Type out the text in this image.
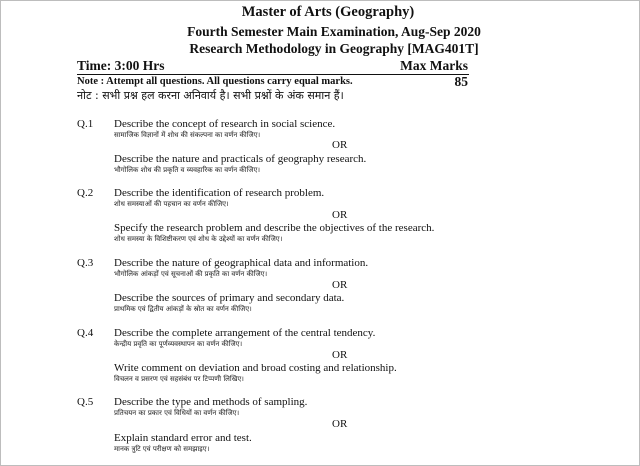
Master of Arts (Geography)
Fourth Semester Main Examination, Aug-Sep 2020
Research Methodology in Geography [MAG401T]
Time: 3:00 Hrs	Max Marks 85
Note : Attempt all questions. All questions carry equal marks.
नोट : सभी प्रश्न हल करना अनिवार्य है। सभी प्रश्नों के अंक समान हैं।
Q.1 Describe the concept of research in social science.
सामाजिक विज्ञानों में शोध की संकल्पना का वर्णन कीजिए।
OR
Describe the nature and practicals of geography research.
भौगोलिक शोध की प्रकृति व व्यवहारिक का वर्णन कीजिए।
Q.2 Describe the identification of research problem.
शोध समस्याओं की पहचान का वर्णन कीजिए।
OR
Specify the research problem and describe the objectives of the research.
शोध समस्या के विशिष्टीकरण एवं शोध के उद्देश्यों का वर्णन कीजिए।
Q.3 Describe the nature of geographical data and information.
भौगोलिक आंकड़ों एवं सूचनाओं की प्रकृति का वर्णन कीजिए।
OR
Describe the sources of primary and secondary data.
प्राथमिक एवं द्वितीय आंकड़ों के स्रोत का वर्णन कीजिए।
Q.4 Describe the complete arrangement of the central tendency.
केन्द्रीय प्रवृति का पूर्णव्यवस्थापन का वर्णन कीजिए।
OR
Write comment on deviation and broad costing and relationship.
विचलन व प्रसरण एवं सहसंबंध पर टिप्पणी लिखिए।
Q.5 Describe the type and methods of sampling.
प्रतिचयन का प्रकार एवं विधियों का वर्णन कीजिए।
OR
Explain standard error and test.
मानक त्रुटि एवं परीक्षण को समझाइए।
